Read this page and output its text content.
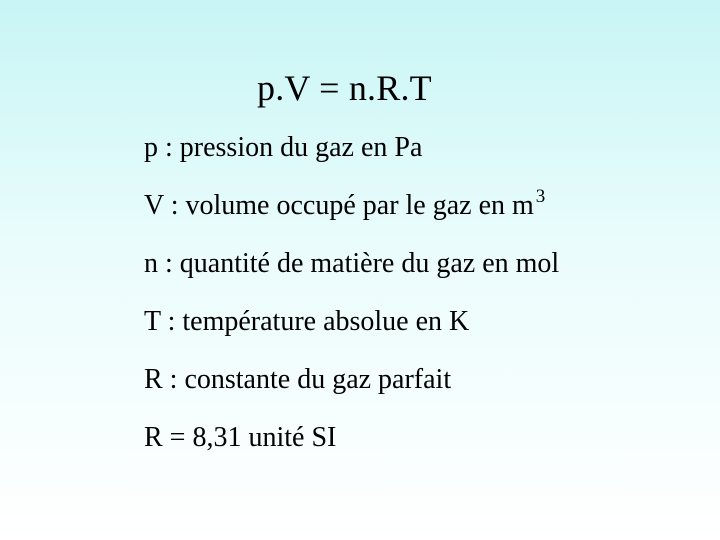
p.V = n.R.T
p : pression du gaz en Pa
V : volume occupé par le gaz en m $^3$
n : quantité de matière du gaz en mol
T : température absolue en K
R : constante du gaz parfait
R = 8,31 unité SI
